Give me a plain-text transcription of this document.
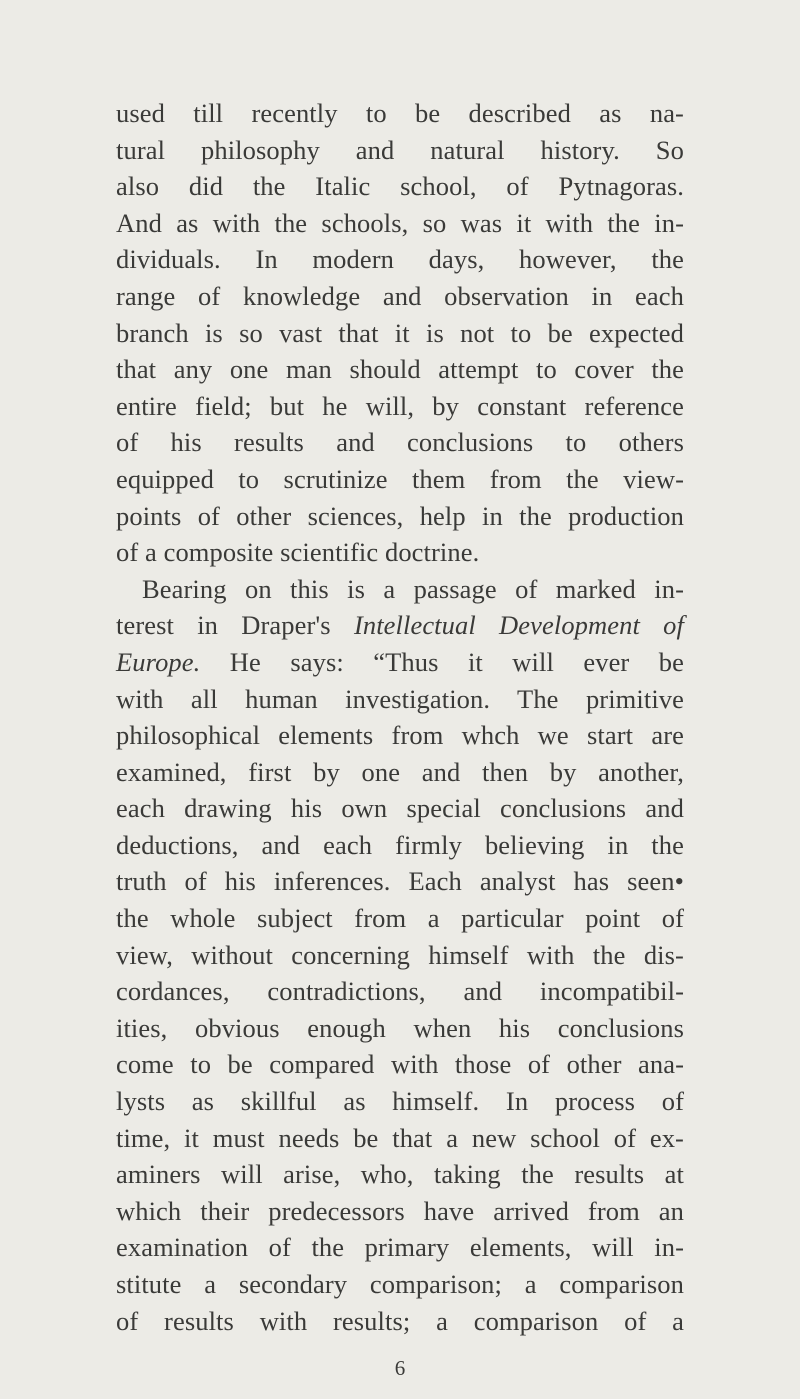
used till recently to be described as na-
tural philosophy and natural history. So
also did the Italic school, of Pytnagoras.
And as with the schools, so was it with the in-
dividuals. In modern days, however, the
range of knowledge and observation in each
branch is so vast that it is not to be expected
that any one man should attempt to cover the
entire field; but he will, by constant reference
of his results and conclusions to others
equipped to scrutinize them from the view-
points of other sciences, help in the production
of a composite scientific doctrine.
Bearing on this is a passage of marked in-
terest in Draper's Intellectual Development of
Europe. He says: “Thus it will ever be
with all human investigation. The primitive
philosophical elements from whch we start are
examined, first by one and then by another,
each drawing his own special conclusions and
deductions, and each firmly believing in the
truth of his inferences. Each analyst has seen•
the whole subject from a particular point of
view, without concerning himself with the dis-
cordances, contradictions, and incompatibil-
ities, obvious enough when his conclusions
come to be compared with those of other ana-
lysts as skillful as himself. In process of
time, it must needs be that a new school of ex-
aminers will arise, who, taking the results at
which their predecessors have arrived from an
examination of the primary elements, will in-
stitute a secondary comparison; a comparison
of results with results; a comparison of a
6
